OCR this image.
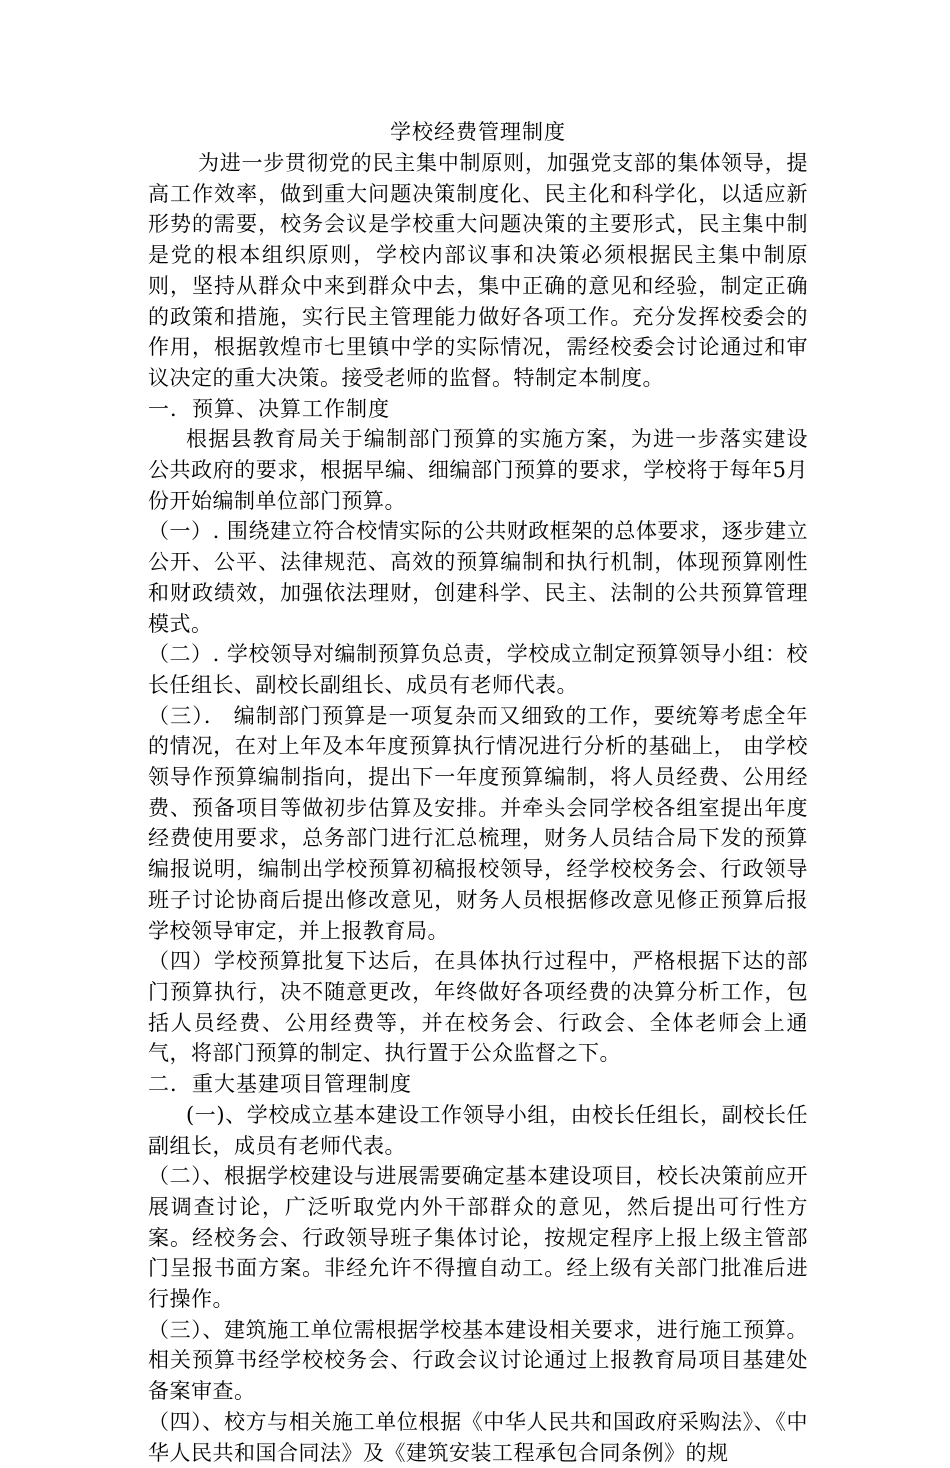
学校经费管理制度

为进一步贯彻党的民主集中制原则，加强党支部的集体领导，提高工作效率，做到重大问题决策制度化、民主化和科学化，以适应新形势的需要，校务会议是学校重大问题决策的主要形式，民主集中制是党的根本组织原则，学校内部议事和决策必须根据民主集中制原则，坚持从群众中来到群众中去，集中正确的意见和经验，制定正确的政策和措施，实行民主管理能力做好各项工作。充分发挥校委会的作用，根据敦煌市七里镇中学的实际情况，需经校委会讨论通过和审议决定的重大决策。接受老师的监督。特制定本制度。

一．预算、决算工作制度

根据县教育局关于编制部门预算的实施方案，为进一步落实建设公共政府的要求，根据早编、细编部门预算的要求，学校将于每年5月份开始编制单位部门预算。

（一）. 围绕建立符合校情实际的公共财政框架的总体要求，逐步建立公开、公平、法律规范、高效的预算编制和执行机制，体现预算刚性和财政绩效，加强依法理财，创建科学、民主、法制的公共预算管理模式。

（二）. 学校领导对编制预算负总责，学校成立制定预算领导小组：校长任组长、副校长副组长、成员有老师代表。

（三）． 编制部门预算是一项复杂而又细致的工作，要统筹考虑全年的情况，在对上年及本年度预算执行情况进行分析的基础上， 由学校领导作预算编制指向，提出下一年度预算编制，将人员经费、公用经费、预备项目等做初步估算及安排。并牵头会同学校各组室提出年度经费使用要求，总务部门进行汇总梳理，财务人员结合局下发的预算编报说明，编制出学校预算初稿报校领导，经学校校务会、行政领导班子讨论协商后提出修改意见，财务人员根据修改意见修正预算后报学校领导审定，并上报教育局。

（四）学校预算批复下达后，在具体执行过程中，严格根据下达的部门预算执行，决不随意更改，年终做好各项经费的决算分析工作，包括人员经费、公用经费等，并在校务会、行政会、全体老师会上通气，将部门预算的制定、执行置于公众监督之下。

二．重大基建项目管理制度

(一)、学校成立基本建设工作领导小组，由校长任组长，副校长任副组长，成员有老师代表。

（二）、根据学校建设与进展需要确定基本建设项目，校长决策前应开展调查讨论，广泛听取党内外干部群众的意见，然后提出可行性方案。经校务会、行政领导班子集体讨论，按规定程序上报上级主管部门呈报书面方案。非经允许不得擅自动工。经上级有关部门批准后进行操作。

（三）、建筑施工单位需根据学校基本建设相关要求，进行施工预算。相关预算书经学校校务会、行政会议讨论通过上报教育局项目基建处备案审查。

（四）、校方与相关施工单位根据《中华人民共和国政府采购法》、《中华人民共和国合同法》及《建筑安装工程承包合同条例》的规
